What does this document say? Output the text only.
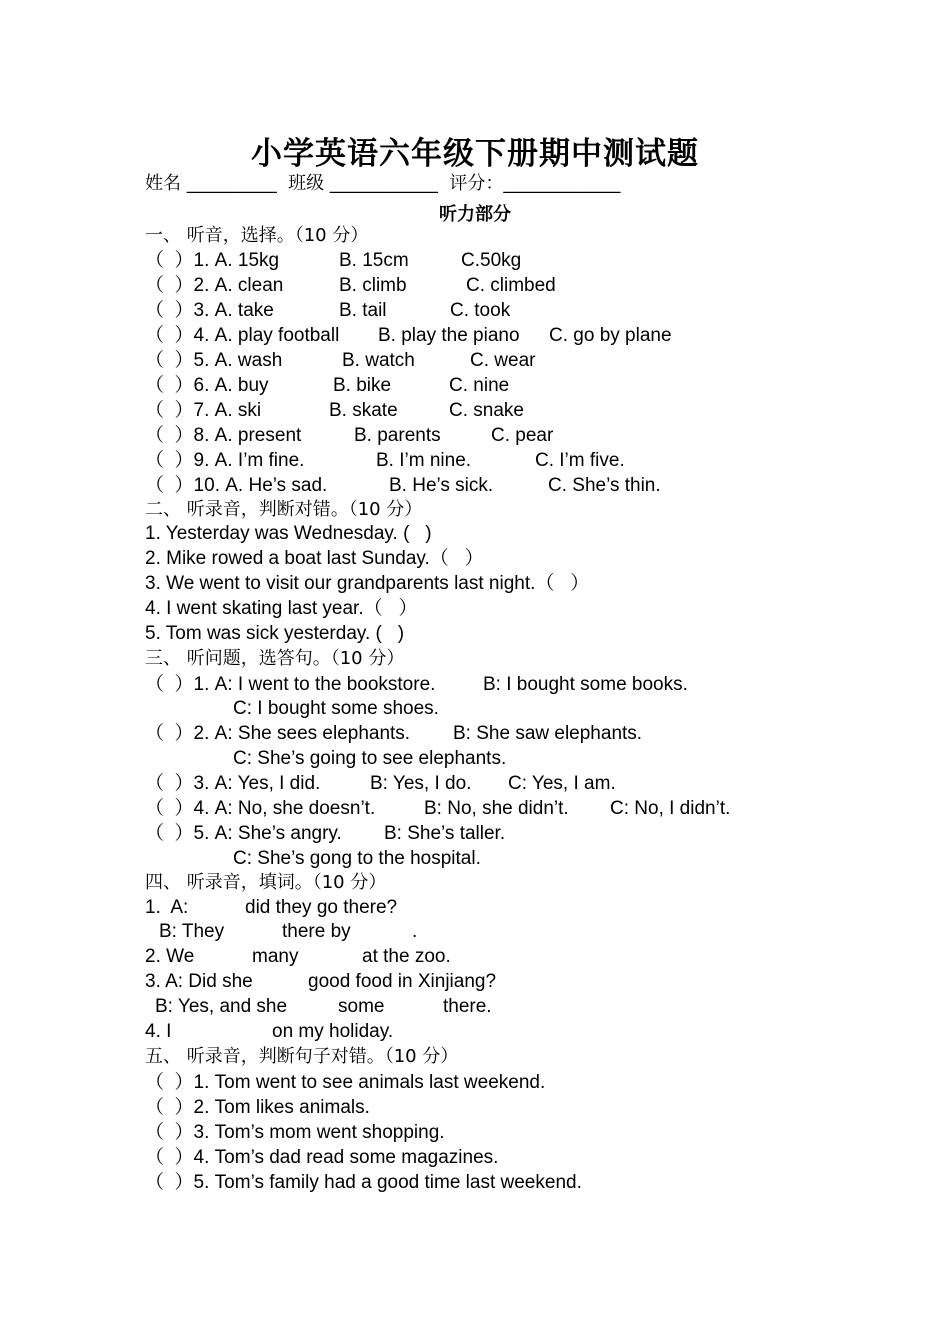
小学英语六年级下册期中测试题
姓名 __________  班级 ____________  评分：_____________
听力部分
一、 听音，选择。（10 分）
（  ）1. A. 15kg	B. 15cm	C.50kg
（  ）2. A. clean	B. climb	C. climbed
（  ）3. A. take	B. tail	C. took
（  ）4. A. play football B. play the piano C. go by plane
（  ）5. A. wash	B. watch	C. wear
（  ）6. A. buy	B. bike	C. nine
（  ）7. A. ski	B. skate	C. snake
（  ）8. A. present	B. parents	C. pear
（  ）9. A. I’m fine.	B. I’m nine.	C. I’m five.
（  ）10. A. He’s sad.	B. He’s sick.	C. She’s thin.
二、 听录音，判断对错。（10 分）
1. Yesterday was Wednesday. (   )
2. Mike rowed a boat last Sunday.（   ）
3. We went to visit our grandparents last night.（   ）
4. I went skating last year.（   ）
5. Tom was sick yesterday. (   )
三、 听问题，选答句。（10 分）
（  ）1. A: I went to the bookstore.	B: I bought some books.
C: I bought some shoes.
（  ）2. A: She sees elephants. B: She saw elephants.
C: She’s going to see elephants.
（  ）3. A: Yes, I did.	B: Yes, I do. C: Yes, I am.
（  ）4. A: No, she doesn’t.	B: No, she didn’t. C: No, I didn’t.
（  ）5. A: She’s angry. B: She’s taller.
C: She’s gong to the hospital.
四、 听录音，填词。（10 分）
1.  A:	did they go there?
B: They	there by	.
2. We	many	at the zoo.
3. A: Did she	good food in Xinjiang?
B: Yes, and she	some	there.
4. I	on my holiday.
五、 听录音，判断句子对错。（10 分）
（  ）1. Tom went to see animals last weekend.
（  ）2. Tom likes animals.
（  ）3. Tom’s mom went shopping.
（  ）4. Tom’s dad read some magazines.
（  ）5. Tom’s family had a good time last weekend.
